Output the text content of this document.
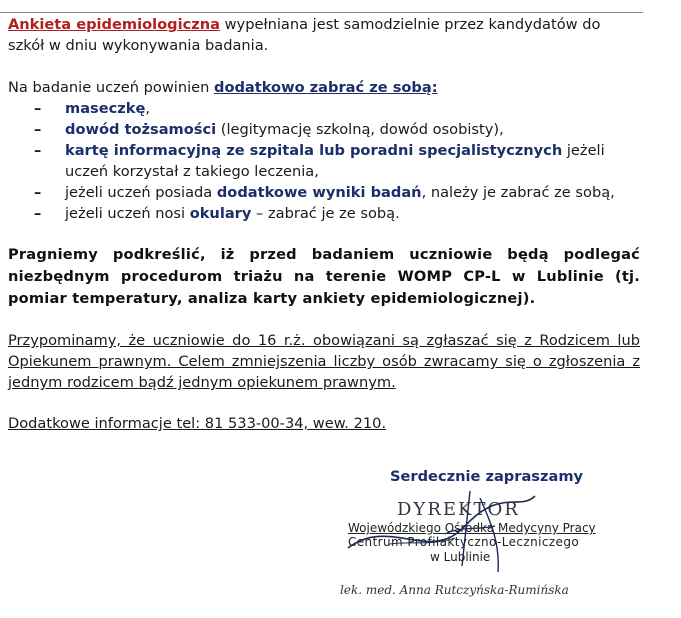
Ankieta epidemiologiczna wypełniana jest samodzielnie przez kandydatów do szkół w dniu wykonywania badania.

Na badanie uczeń powinien dodatkowo zabrać ze sobą:

– maseczkę,
– dowód tożsamości (legitymację szkolną, dowód osobisty),
– kartę informacyjną ze szpitala lub poradni specjalistycznych jeżeli uczeń korzystał z takiego leczenia,
– jeżeli uczeń posiada dodatkowe wyniki badań, należy je zabrać ze sobą,
– jeżeli uczeń nosi okulary – zabrać je ze sobą.

Pragniemy podkreślić, iż przed badaniem uczniowie będą podlegać niezbędnym procedurom triażu na terenie WOMP CP-L w Lublinie (tj. pomiar temperatury, analiza karty ankiety epidemiologicznej).

Przypominamy, że uczniowie do 16 r.ż. obowiązani są zgłaszać się z Rodzicem lub Opiekunem prawnym. Celem zmniejszenia liczby osób zwracamy się o zgłoszenia z jednym rodzicem bądź jednym opiekunem prawnym.

Dodatkowe informacje tel: 81 533-00-34, wew. 210.

Serdecznie zapraszamy
DYREKTOR
Wojewódzkiego Ośrodka Medycyny Pracy
Centrum Profilaktyczno-Leczniczego
w Lublinie
lek. med. Anna Rutczyńska-Rumińska
